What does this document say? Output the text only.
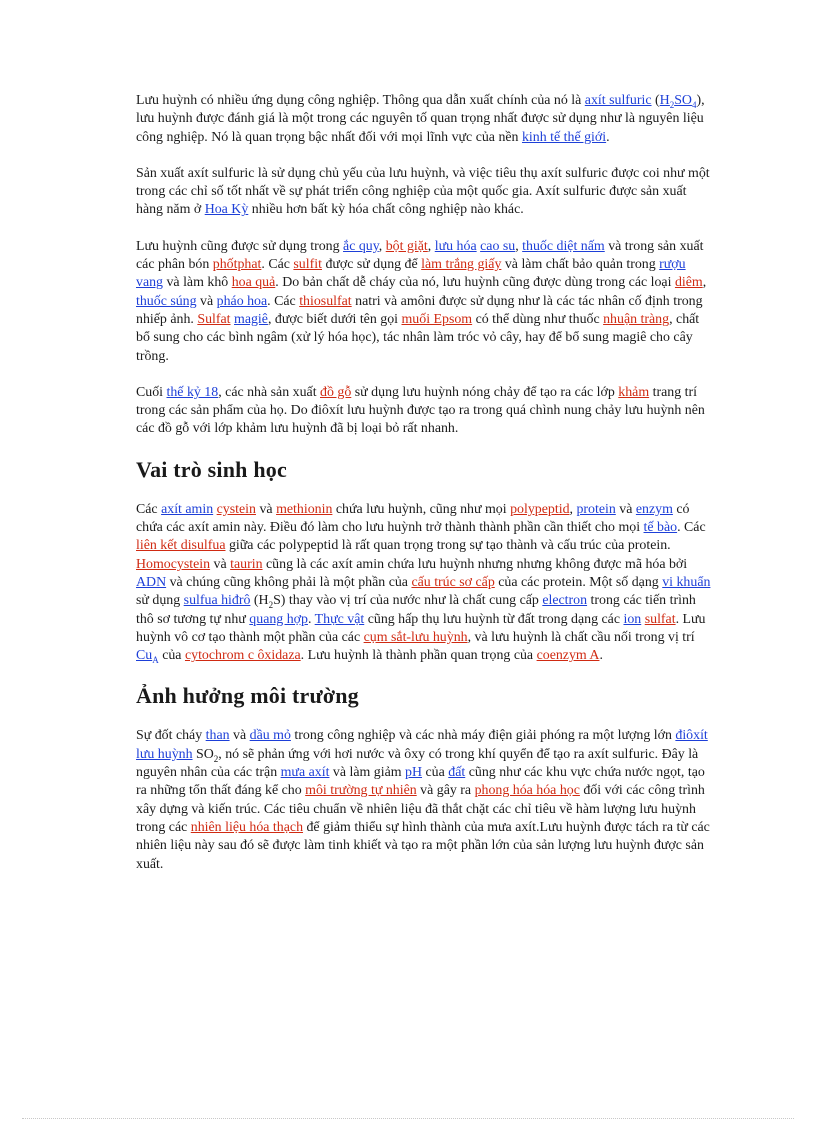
Lưu huỳnh có nhiều ứng dụng công nghiệp. Thông qua dẫn xuất chính của nó là axít sulfuric $(H_2SO_4)$, lưu huỳnh được đánh giá là một trong các nguyên tố quan trọng nhất được sử dụng như là nguyên liệu công nghiệp. Nó là quan trọng bậc nhất đối với mọi lĩnh vực của nền kinh tế thế giới.

Sản xuất axít sulfuric là sử dụng chủ yếu của lưu huỳnh, và việc tiêu thụ axít sulfuric được coi như một trong các chỉ số tốt nhất về sự phát triển công nghiệp của một quốc gia. Axít sulfuric được sản xuất hàng năm ở Hoa Kỳ nhiều hơn bất kỳ hóa chất công nghiệp nào khác.

Lưu huỳnh cũng được sử dụng trong ắc quy, bột giặt, lưu hóa cao su, thuốc diệt nấm và trong sản xuất các phân bón phốtphat. Các sulfit được sử dụng để làm trắng giấy và làm chất bảo quản trong rượu vang và làm khô hoa quả. Do bản chất dễ cháy của nó, lưu huỳnh cũng được dùng trong các loại diêm, thuốc súng và pháo hoa. Các thiosulfat natri và amôni được sử dụng như là các tác nhân cố định trong nhiếp ảnh. Sulfat magiê, được biết dưới tên gọi muối Epsom có thể dùng như thuốc nhuận tràng, chất bổ sung cho các bình ngâm (xử lý hóa học), tác nhân làm tróc vỏ cây, hay để bổ sung magiê cho cây trồng.

Cuối thế kỷ 18, các nhà sản xuất đồ gỗ sử dụng lưu huỳnh nóng chảy để tạo ra các lớp khảm trang trí trong các sản phẩm của họ. Do điôxít lưu huỳnh được tạo ra trong quá chình nung chảy lưu huỳnh nên các đồ gỗ với lớp khảm lưu huỳnh đã bị loại bỏ rất nhanh.

Vai trò sinh học

Các axít amin cystein và methionin chứa lưu huỳnh, cũng như mọi polypeptid, protein và enzym có chứa các axít amin này. Điều đó làm cho lưu huỳnh trở thành thành phần cần thiết cho mọi tế bào. Các liên kết disulfua giữa các polypeptid là rất quan trọng trong sự tạo thành và cấu trúc của protein. Homocystein và taurin cũng là các axít amin chứa lưu huỳnh nhưng nhưng không được mã hóa bởi ADN và chúng cũng không phải là một phần của cấu trúc sơ cấp của các protein. Một số dạng vi khuẩn sử dụng sulfua hiđrô $(H_2S)$ thay vào vị trí của nước như là chất cung cấp electron trong các tiến trình thô sơ tương tự như quang hợp. Thực vật cũng hấp thụ lưu huỳnh từ đất trong dạng các ion sulfat. Lưu huỳnh vô cơ tạo thành một phần của các cụm sắt-lưu huỳnh, và lưu huỳnh là chất cầu nối trong vị trí $Cu_A$ của cytochrom c ôxidaza. Lưu huỳnh là thành phần quan trọng của coenzym A.

Ảnh hưởng môi trường

Sự đốt cháy than và dầu mỏ trong công nghiệp và các nhà máy điện giải phóng ra một lượng lớn điôxít lưu huỳnh $SO_2$, nó sẽ phản ứng với hơi nước và ôxy có trong khí quyển để tạo ra axít sulfuric. Đây là nguyên nhân của các trận mưa axít và làm giảm pH của đất cũng như các khu vực chứa nước ngọt, tạo ra những tổn thất đáng kể cho môi trường tự nhiên và gây ra phong hóa hóa học đối với các công trình xây dựng và kiến trúc. Các tiêu chuẩn về nhiên liệu đã thắt chặt các chỉ tiêu về hàm lượng lưu huỳnh trong các nhiên liệu hóa thạch để giảm thiểu sự hình thành của mưa axít.Lưu huỳnh được tách ra từ các nhiên liệu này sau đó sẽ được làm tinh khiết và tạo ra một phần lớn của sản lượng lưu huỳnh được sản xuất.
